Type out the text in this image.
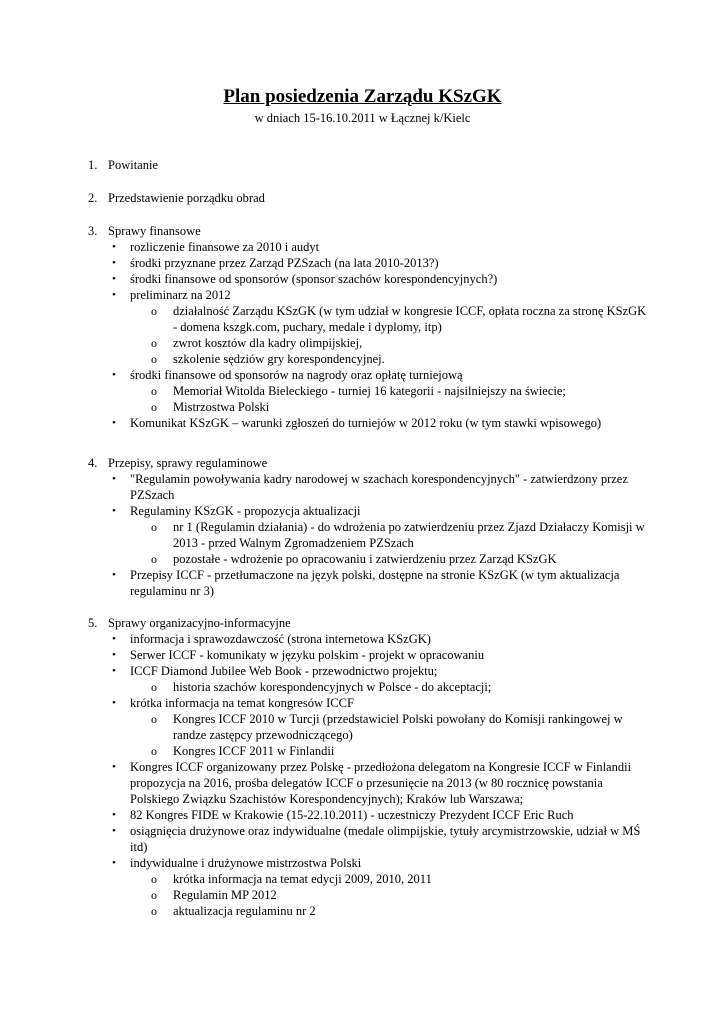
Plan posiedzenia Zarządu KSzGK
w dniach 15-16.10.2011 w Łącznej k/Kielc
1. Powitanie
2. Przedstawienie porządku obrad
3. Sprawy finansowe
• rozliczenie finansowe za 2010 i audyt
• środki przyznane przez Zarząd PZSzach (na lata 2010-2013?)
• środki finansowe od sponsorów (sponsor szachów korespondencyjnych?)
• preliminarz na 2012
o działalność Zarządu KSzGK (w tym udział w kongresie ICCF, opłata roczna za stronę KSzGK
- domena kszgk.com, puchary, medale i dyplomy, itp)
o zwrot kosztów dla kadry olimpijskiej,
o szkolenie sędziów gry korespondencyjnej.
• środki finansowe od sponsorów na nagrody oraz opłatę turniejową
o Memoriał Witolda Bieleckiego - turniej 16 kategorii - najsilniejszy na świecie;
o Mistrzostwa Polski
• Komunikat KSzGK – warunki zgłoszeń do turniejów w 2012 roku (w tym stawki wpisowego)
4. Przepisy, sprawy regulaminowe
• "Regulamin powoływania kadry narodowej w szachach korespondencyjnych" - zatwierdzony przez
PZSzach
• Regulaminy KSzGK - propozycja aktualizacji
o nr 1 (Regulamin działania) - do wdrożenia po zatwierdzeniu przez Zjazd Działaczy Komisji w
2013 - przed Walnym Zgromadzeniem PZSzach
o pozostałe - wdrożenie po opracowaniu i zatwierdzeniu przez Zarząd KSzGK
• Przepisy ICCF - przetłumaczone na język polski, dostępne na stronie KSzGK (w tym aktualizacja
regulaminu nr 3)
5. Sprawy organizacyjno-informacyjne
• informacja i sprawozdawczość (strona internetowa KSzGK)
• Serwer ICCF - komunikaty w języku polskim - projekt w opracowaniu
• ICCF Diamond Jubilee Web Book - przewodnictwo projektu;
o historia szachów korespondencyjnych w Polsce - do akceptacji;
• krótka informacja na temat kongresów ICCF
o Kongres ICCF 2010 w Turcji (przedstawiciel Polski powołany do Komisji rankingowej w
randze zastępcy przewodniczącego)
o Kongres ICCF 2011 w Finlandii
• Kongres ICCF organizowany przez Polskę - przedłożona delegatom na Kongresie ICCF w Finlandii
propozycja na 2016, prośba delegatów ICCF o przesunięcie na 2013 (w 80 rocznicę powstania
Polskiego Związku Szachistów Korespondencyjnych); Kraków lub Warszawa;
• 82 Kongres FIDE w Krakowie (15-22.10.2011) - uczestniczy Prezydent ICCF Eric Ruch
• osiągnięcia drużynowe oraz indywidualne (medale olimpijskie, tytuły arcymistrzowskie, udział w MŚ
itd)
• indywidualne i drużynowe mistrzostwa Polski
o krótka informacja na temat edycji 2009, 2010, 2011
o Regulamin MP 2012
o aktualizacja regulaminu nr 2
